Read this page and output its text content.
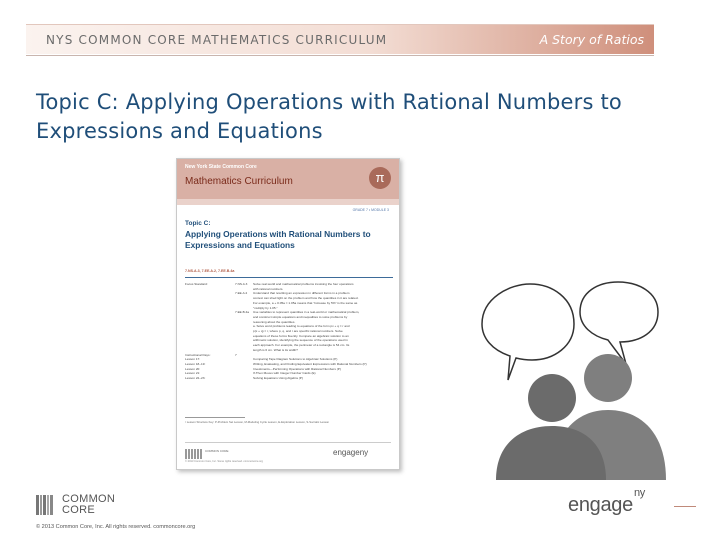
NYS COMMON CORE MATHEMATICS CURRICULUM	A Story of Ratios
Topic C: Applying Operations with Rational Numbers to
Expressions and Equations
New York State Common Core
Mathematics Curriculum	π
GRADE 7 • MODULE 3
Topic C:
Applying Operations with Rational Numbers to Expressions and Equations
7.NS.A.3, 7.EE.A.2, 7.EE.B.4a
Focus Standard:	7.NS.A.3	Solve real-world and mathematical problems involving the four operations
with rational numbers.
7.EE.A.2	Understand that rewriting an expression in different forms in a problem
context can shed light on the problem and how the quantities in it are related.
For example, a + 0.05a = 1.05a means that "increase by 5%" is the same as
"multiply by 1.05."
7.EE.B.4a	Use variables to represent quantities in a real-world or mathematical problem,
and construct simple equations and inequalities to solve problems by
reasoning about the quantities.
a. Solve word problems leading to equations of the form px + q = r and
p(x + q) = r, where p, q, and r are specific rational numbers. Solve
equations of these forms fluently. Compare an algebraic solution to an
arithmetic solution, identifying the sequence of the operations used in
each approach. For example, the perimeter of a rectangle is 54 cm. Its
length is 6 cm. What is its width?
Instructional Days:	7
Lesson 17:	Comparing Tape Diagram Solutions to Algebraic Solutions (P)
Lesson 18–19:	Writing, Evaluating, and Finding Equivalent Expressions with Rational Numbers (P)
Lesson 20:	Investments—Performing Operations with Rational Numbers (P)
Lesson 21:	If-Then Moves with Integer Number Cards (E)
Lesson 22–23:	Solving Equations Using Algebra (P)
¹ Lesson Structure Key: P-Problem Set Lesson, M-Modeling Cycle Lesson, E-Exploration Lesson, S-Socratic Lesson
COMMON CORE	engageny
© 2013 Common Core, Inc. Some rights reserved. commoncore.org
COMMON
CORE
© 2013 Common Core, Inc. All rights reserved. commoncore.org
engage$^{ny}$
